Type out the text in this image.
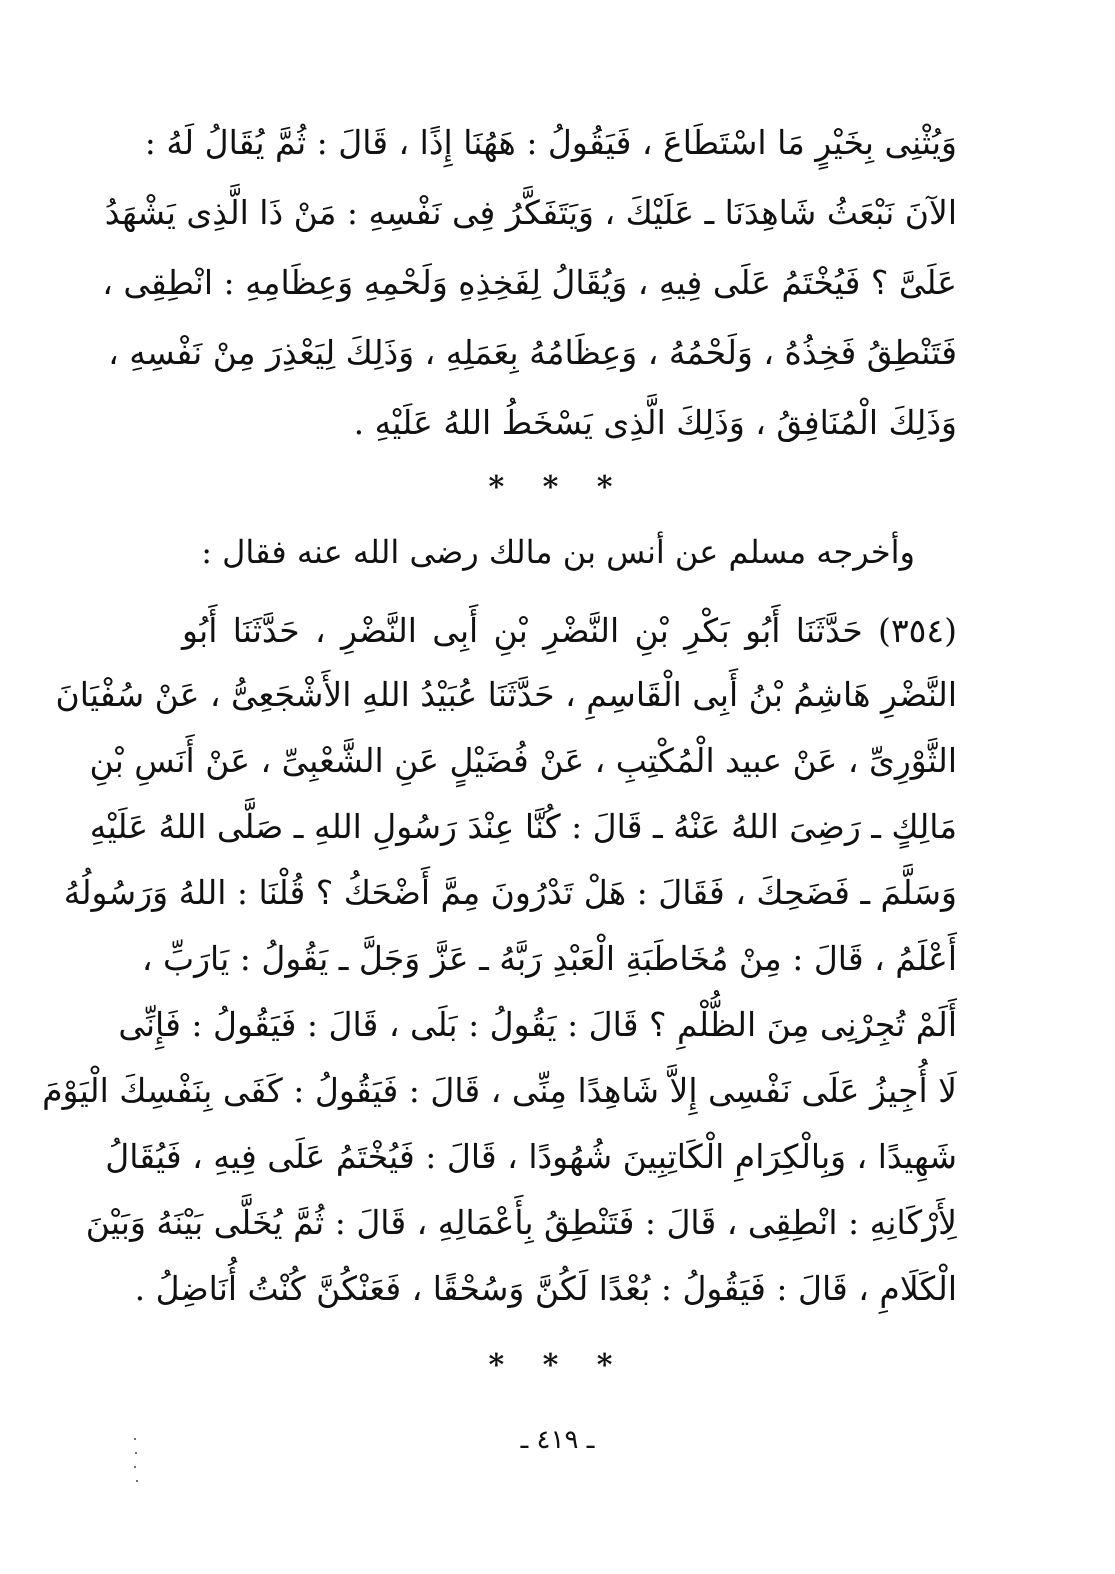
وَيُثْنِى بِخَيْرٍ مَا اسْتَطَاعَ ، فَيَقُولُ : هَهُنَا إِذًا ، قَالَ : ثُمَّ يُقَالُ لَهُ :
الآنَ نَبْعَثُ شَاهِدَنَا ـ عَلَيْكَ ، وَيَتَفَكَّرُ فِى نَفْسِهِ : مَنْ ذَا الَّذِى يَشْهَدُ
عَلَىَّ ؟ فَيُخْتَمُ عَلَى فِيهِ ، وَيُقَالُ لِفَخِذِهِ وَلَحْمِهِ وَعِظَامِهِ : انْطِقِى ،
فَتَنْطِقُ فَخِذُهُ ، وَلَحْمُهُ ، وَعِظَامُهُ بِعَمَلِهِ ، وَذَلِكَ لِيَعْذِرَ مِنْ نَفْسِهِ ،
وَذَلِكَ الْمُنَافِقُ ، وَذَلِكَ الَّذِى يَسْخَطُ اللهُ عَلَيْهِ .
* * *
وأخرجه مسلم عن أنس بن مالك رضى الله عنه فقال :
(٣٥٤) حَدَّثَنَا أَبُو بَكْرِ بْنِ النَّضْرِ بْنِ أَبِى النَّضْرِ ، حَدَّثَنَا أَبُو
النَّضْرِ هَاشِمُ بْنُ أَبِى الْقَاسِمِ ، حَدَّثَنَا عُبَيْدُ اللهِ الأَشْجَعِىُّ ، عَنْ سُفْيَانَ
الثَّوْرِىِّ ، عَنْ عبيد الْمُكْتِبِ ، عَنْ فُضَيْلٍ عَنِ الشَّعْبِىِّ ، عَنْ أَنَسِ بْنِ
مَالِكٍ ـ رَضِىَ اللهُ عَنْهُ ـ قَالَ : كُنَّا عِنْدَ رَسُولِ اللهِ ـ صَلَّى اللهُ عَلَيْهِ
وَسَلَّمَ ـ فَضَحِكَ ، فَقَالَ : هَلْ تَدْرُونَ مِمَّ أَضْحَكُ ؟ قُلْنَا : اللهُ وَرَسُولُهُ
أَعْلَمُ ، قَالَ : مِنْ مُخَاطَبَةِ الْعَبْدِ رَبَّهُ ـ عَزَّ وَجَلَّ ـ يَقُولُ : يَارَبِّ ،
أَلَمْ تُجِرْنِى مِنَ الظُّلْمِ ؟ قَالَ : يَقُولُ : بَلَى ، قَالَ : فَيَقُولُ : فَإِنِّى
لَا أُجِيزُ عَلَى نَفْسِى إِلاَّ شَاهِدًا مِنِّى ، قَالَ : فَيَقُولُ : كَفَى بِنَفْسِكَ الْيَوْمَ
شَهِيدًا ، وَبِالْكِرَامِ الْكَاتِبِينَ شُهُودًا ، قَالَ : فَيُخْتَمُ عَلَى فِيهِ ، فَيُقَالُ
لِأَرْكَانِهِ : انْطِقِى ، قَالَ : فَتَنْطِقُ بِأَعْمَالِهِ ، قَالَ : ثُمَّ يُخَلَّى بَيْنَهُ وَبَيْنَ
الْكَلَامِ ، قَالَ : فَيَقُولُ : بُعْدًا لَكُنَّ وَسُحْقًا ، فَعَنْكُنَّ كُنْتُ أُنَاضِلُ .
* * *
ـ ٤١٩ ـ
